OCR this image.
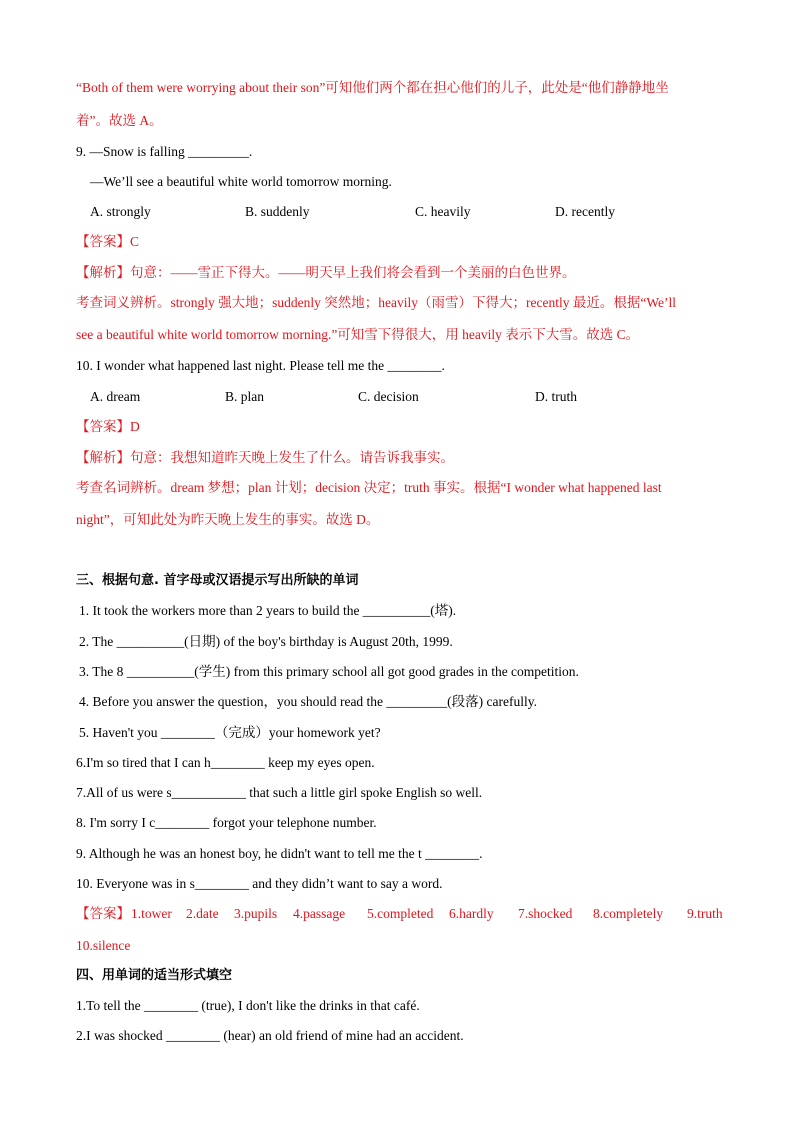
“Both of them were worrying about their son”可知他们两个都在担心他们的儿子，此处是“他们静静地坐
着”。故选 A。
9. —Snow is falling _________.
—We’ll see a beautiful white world tomorrow morning.
A. strongly	B. suddenly	C. heavily	D. recently
【答案】C
【解析】句意：——雪正下得大。——明天早上我们将会看到一个美丽的白色世界。
考查词义辨析。strongly 强大地；suddenly 突然地；heavily（雨雪）下得大；recently 最近。根据“We’ll
see a beautiful white world tomorrow morning.”可知雪下得很大，用 heavily 表示下大雪。故选 C。
10. I wonder what happened last night. Please tell me the ________.
A. dream	B. plan	C. decision	D. truth
【答案】D
【解析】句意：我想知道昨天晚上发生了什么。请告诉我事实。
考查名词辨析。dream 梦想；plan 计划；decision 决定；truth 事实。根据“I wonder what happened last
night”，可知此处为昨天晚上发生的事实。故选 D。
三、根据句意. 首字母或汉语提示写出所缺的单词
1. It took the workers more than 2 years to build the __________(塔).
2. The __________(日期) of the boy's birthday is August 20th, 1999.
3. The 8 __________(学生) from this primary school all got good grades in the competition.
4. Before you answer the question，you should read the _________(段落) carefully.
5. Haven't you ________（完成）your homework yet?
6.I'm so tired that I can h________ keep my eyes open.
7.All of us were s___________ that such a little girl spoke English so well.
8. I'm sorry I c________ forgot your telephone number.
9. Although he was an honest boy, he didn't want to tell me the t ________.
10. Everyone was in s________ and they didn’t want to say a word.
【答案】 1.tower 2.date 3.pupils 4.passage 5.completed 6.hardly 7.shocked 8.completely 9.truth
10.silence
四、用单词的适当形式填空
1.To tell the ________ (true), I don't like the drinks in that café.
2.I was shocked ________ (hear) an old friend of mine had an accident.
